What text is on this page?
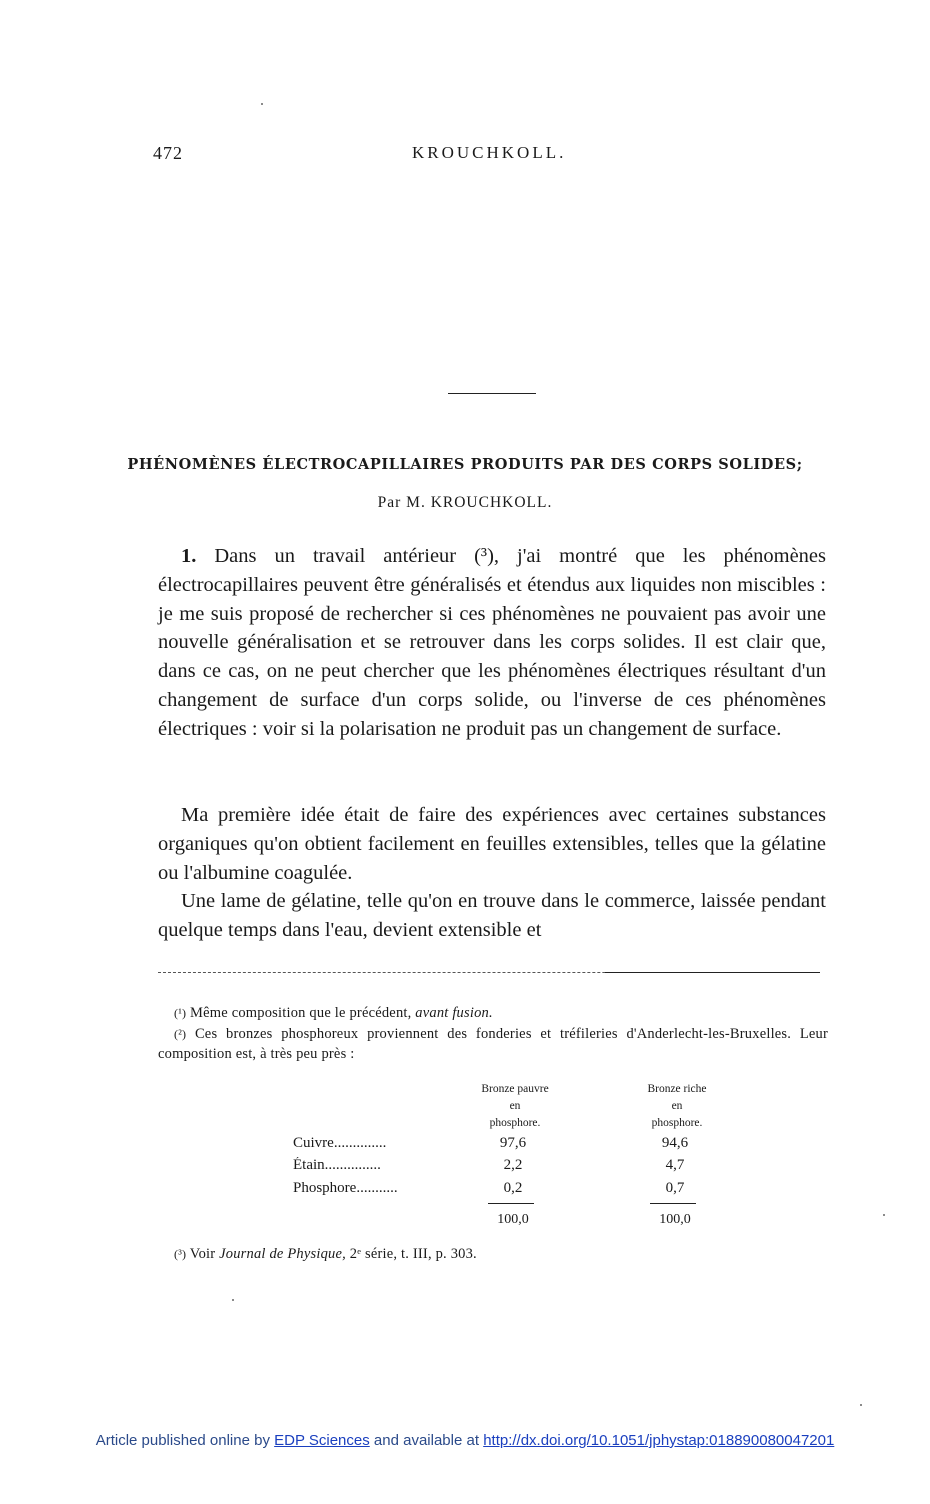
472	KROUCHKOLL.
PHÉNOMÈNES ÉLECTROCAPILLAIRES PRODUITS PAR DES CORPS SOLIDES;
Par M. KROUCHKOLL.
1. Dans un travail antérieur (³), j'ai montré que les phénomènes électrocapillaires peuvent être généralisés et étendus aux liquides non miscibles : je me suis proposé de rechercher si ces phénomènes ne pouvaient pas avoir une nouvelle généralisation et se retrouver dans les corps solides. Il est clair que, dans ce cas, on ne peut chercher que les phénomènes électriques résultant d'un changement de surface d'un corps solide, ou l'inverse de ces phénomènes électriques : voir si la polarisation ne produit pas un changement de surface.
Ma première idée était de faire des expériences avec certaines substances organiques qu'on obtient facilement en feuilles extensibles, telles que la gélatine ou l'albumine coagulée.
Une lame de gélatine, telle qu'on en trouve dans le commerce, laissée pendant quelque temps dans l'eau, devient extensible et
(¹) Même composition que le précédent, avant fusion.
(²) Ces bronzes phosphoreux proviennent des fonderies et tréfileries d'Anderlecht-les-Bruxelles. Leur composition est, à très peu près :
Bronze pauvre
en
phosphore.
Bronze riche
en
phosphore.
Cuivre..............	97,6	94,6
Étain...............	2,2	4,7
Phosphore...........	0,2	0,7
100,0	100,0
(³) Voir Journal de Physique, 2ᵉ série, t. III, p. 303.
Article published online by EDP Sciences and available at http://dx.doi.org/10.1051/jphystap:018890080047201
